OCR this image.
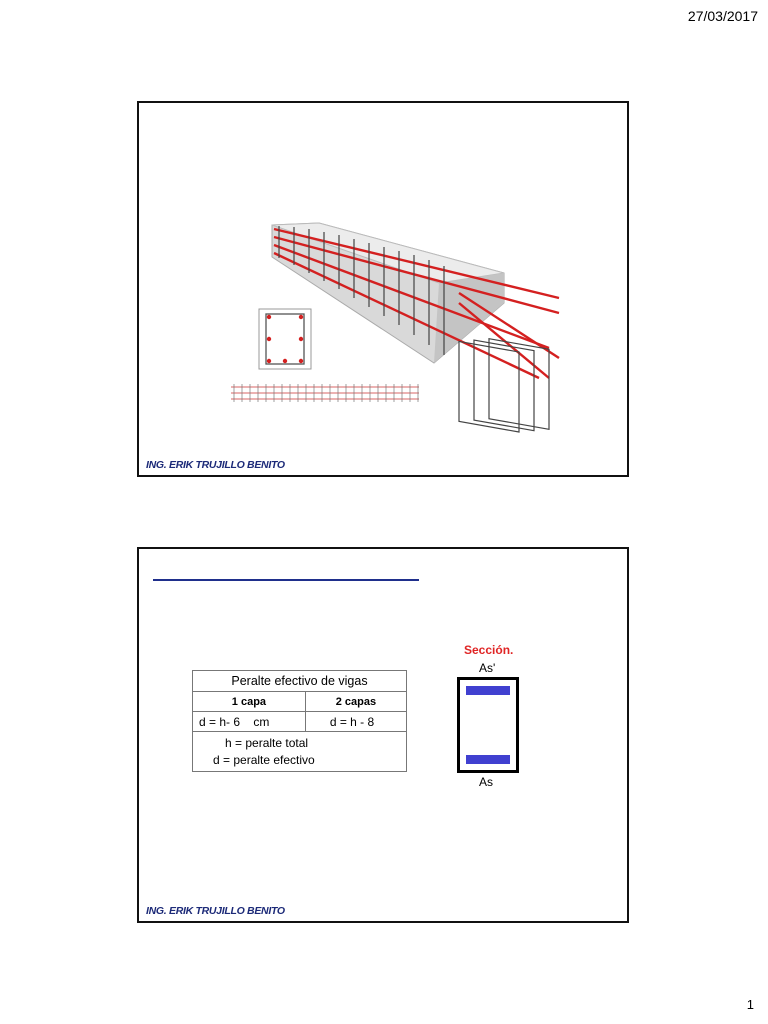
27/03/2017
ING. ERIK TRUJILLO BENITO
Peralte efectivo de vigas	
1 capa	2 capas
d = h- 6    cm	d = h - 8

h = peralte total
d = peralte efectivo	
Sección.
As'
As
ING. ERIK TRUJILLO BENITO
1
